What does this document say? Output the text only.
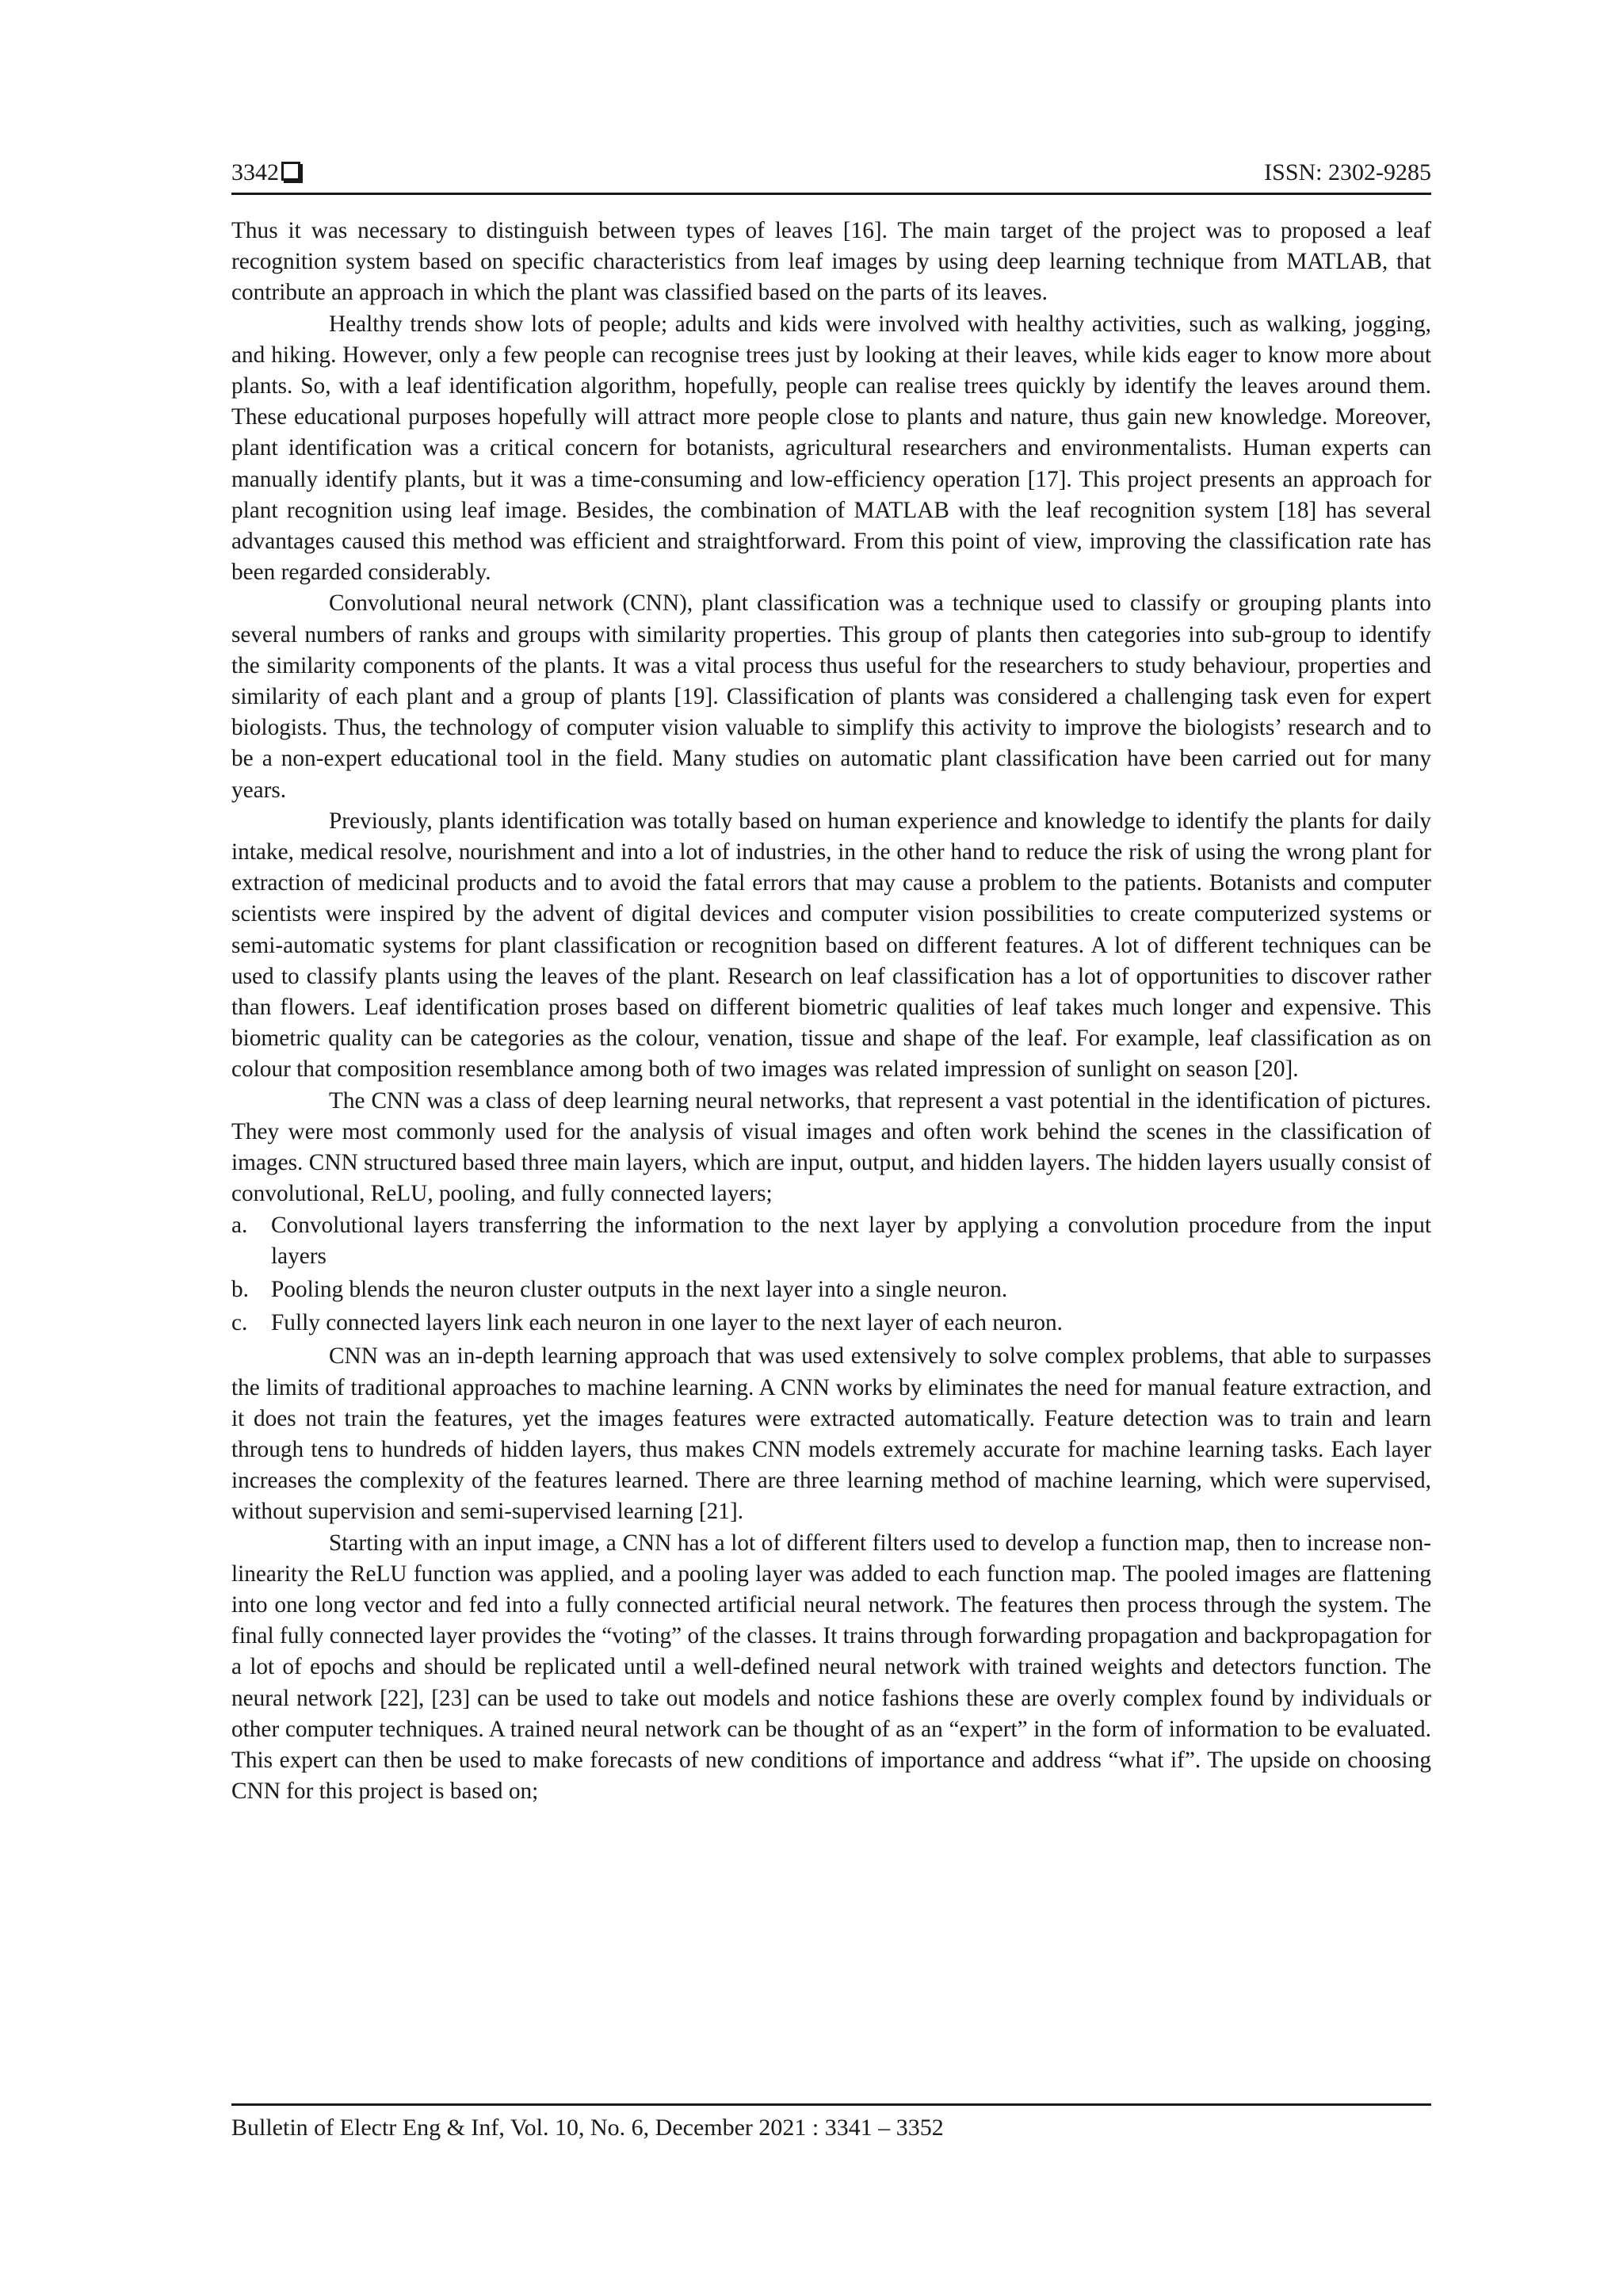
3342	ISSN: 2302-9285

Thus it was necessary to distinguish between types of leaves [16]. The main target of the project was to proposed a leaf recognition system based on specific characteristics from leaf images by using deep learning technique from MATLAB, that contribute an approach in which the plant was classified based on the parts of its leaves.

Healthy trends show lots of people; adults and kids were involved with healthy activities, such as walking, jogging, and hiking. However, only a few people can recognise trees just by looking at their leaves, while kids eager to know more about plants. So, with a leaf identification algorithm, hopefully, people can realise trees quickly by identify the leaves around them. These educational purposes hopefully will attract more people close to plants and nature, thus gain new knowledge. Moreover, plant identification was a critical concern for botanists, agricultural researchers and environmentalists. Human experts can manually identify plants, but it was a time-consuming and low-efficiency operation [17]. This project presents an approach for plant recognition using leaf image. Besides, the combination of MATLAB with the leaf recognition system [18] has several advantages caused this method was efficient and straightforward. From this point of view, improving the classification rate has been regarded considerably.

Convolutional neural network (CNN), plant classification was a technique used to classify or grouping plants into several numbers of ranks and groups with similarity properties. This group of plants then categories into sub-group to identify the similarity components of the plants. It was a vital process thus useful for the researchers to study behaviour, properties and similarity of each plant and a group of plants [19]. Classification of plants was considered a challenging task even for expert biologists. Thus, the technology of computer vision valuable to simplify this activity to improve the biologists’ research and to be a non-expert educational tool in the field. Many studies on automatic plant classification have been carried out for many years.

Previously, plants identification was totally based on human experience and knowledge to identify the plants for daily intake, medical resolve, nourishment and into a lot of industries, in the other hand to reduce the risk of using the wrong plant for extraction of medicinal products and to avoid the fatal errors that may cause a problem to the patients. Botanists and computer scientists were inspired by the advent of digital devices and computer vision possibilities to create computerized systems or semi-automatic systems for plant classification or recognition based on different features. A lot of different techniques can be used to classify plants using the leaves of the plant. Research on leaf classification has a lot of opportunities to discover rather than flowers. Leaf identification proses based on different biometric qualities of leaf takes much longer and expensive. This biometric quality can be categories as the colour, venation, tissue and shape of the leaf. For example, leaf classification as on colour that composition resemblance among both of two images was related impression of sunlight on season [20].

The CNN was a class of deep learning neural networks, that represent a vast potential in the identification of pictures. They were most commonly used for the analysis of visual images and often work behind the scenes in the classification of images. CNN structured based three main layers, which are input, output, and hidden layers. The hidden layers usually consist of convolutional, ReLU, pooling, and fully connected layers;

a. Convolutional layers transferring the information to the next layer by applying a convolution procedure from the input layers
b. Pooling blends the neuron cluster outputs in the next layer into a single neuron.
c. Fully connected layers link each neuron in one layer to the next layer of each neuron.

CNN was an in-depth learning approach that was used extensively to solve complex problems, that able to surpasses the limits of traditional approaches to machine learning. A CNN works by eliminates the need for manual feature extraction, and it does not train the features, yet the images features were extracted automatically. Feature detection was to train and learn through tens to hundreds of hidden layers, thus makes CNN models extremely accurate for machine learning tasks. Each layer increases the complexity of the features learned. There are three learning method of machine learning, which were supervised, without supervision and semi-supervised learning [21].

Starting with an input image, a CNN has a lot of different filters used to develop a function map, then to increase non-linearity the ReLU function was applied, and a pooling layer was added to each function map. The pooled images are flattening into one long vector and fed into a fully connected artificial neural network. The features then process through the system. The final fully connected layer provides the “voting” of the classes. It trains through forwarding propagation and backpropagation for a lot of epochs and should be replicated until a well-defined neural network with trained weights and detectors function. The neural network [22], [23] can be used to take out models and notice fashions these are overly complex found by individuals or other computer techniques. A trained neural network can be thought of as an “expert” in the form of information to be evaluated. This expert can then be used to make forecasts of new conditions of importance and address “what if”. The upside on choosing CNN for this project is based on;

Bulletin of Electr Eng & Inf, Vol. 10, No. 6, December 2021 : 3341 – 3352
